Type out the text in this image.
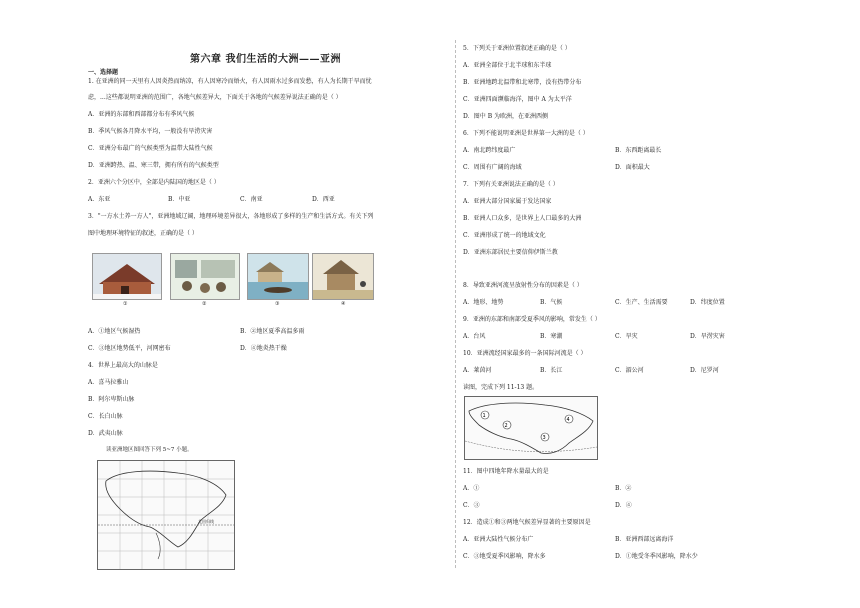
第六章 我们生活的大洲——亚洲
一、选择题
1. 在亚洲的同一天里有人因炎热而纳凉，有人因寒冷而焐火，有人因雨水过多而发愁，有人为长期干旱而忧
虑，...这些都说明亚洲的范围广，各地气候差异大，下面关于各地的气候差异说法正确的是（ ）
A．亚洲的东部和西部都分布有季风气候
B．季风气候各月降水平均，一般没有旱涝灾害
C．亚洲分布最广的气候类型为温带大陆性气候
D．亚洲跨热、温、寒三带，拥有所有的气候类型
2．亚洲六个分区中，全部是内陆国的地区是（ ）
A．东亚	B．中亚	C．南亚	D．西亚
3．"一方水土养一方人"，亚洲地域辽阔，地理环境差异很大，各地形成了多样的生产和生活方式。有关下列
图中地理环境特征的叙述，正确的是（ ）
①	②	③	④
A．①地区气候湿热	B．②地区夏季高温多雨
C．③地区地势低平，河网密布	D．④地炎热干燥
4．世界上最高大的山脉是
A．喜马拉雅山
B．阿尔卑斯山脉
C．长白山脉
D．武夷山脉
读亚洲地区图回答下列 5~7 小题。
北回归线
5．下列关于亚洲位置叙述正确的是（ ）
A．亚洲全部位于北半球和东半球
B．亚洲地跨北温带和北寒带，没有热带分布
C．亚洲四面濒临海洋，图中 A 为太平洋
D．图中 B 为欧洲，在亚洲西侧
6．下列不能说明亚洲是世界第一大洲的是（ ）
A．南北跨纬度最广	B．东西距离最长
C．周围有广阔的海域	D．面积最大
7．下列有关亚洲说法正确的是（ ）
A．亚洲大部分国家属于发达国家
B．亚洲人口众多，是世界上人口最多的大洲
C．亚洲形成了统一的地域文化
D．亚洲东部居民主要信仰伊斯兰教
8．导致亚洲河流呈放射性分布的因素是（ ）
A．地形、地势	B．气候	C．生产、生活需要	D．纬度位置
9．亚洲的东部和南部受夏季风的影响，常发生（ ）
A．台风	B．寒潮	C．旱灾	D．旱涝灾害
10．亚洲流经国家最多的一条国际河流是（ ）
A．莱茵河	B．长江	C．湄公河	D．尼罗河
读图，完成下列 11-13 题。
1
2
3
4
11．图中四地年降水量最大的是
A．①	B．②
C．③	D．④
12．造成①和③两地气候差异显著的主要原因是
A．亚洲大陆性气候分布广	B．亚洲西部远离海洋
C．③地受夏季风影响，降水多	D．①地受冬季风影响，降水少
